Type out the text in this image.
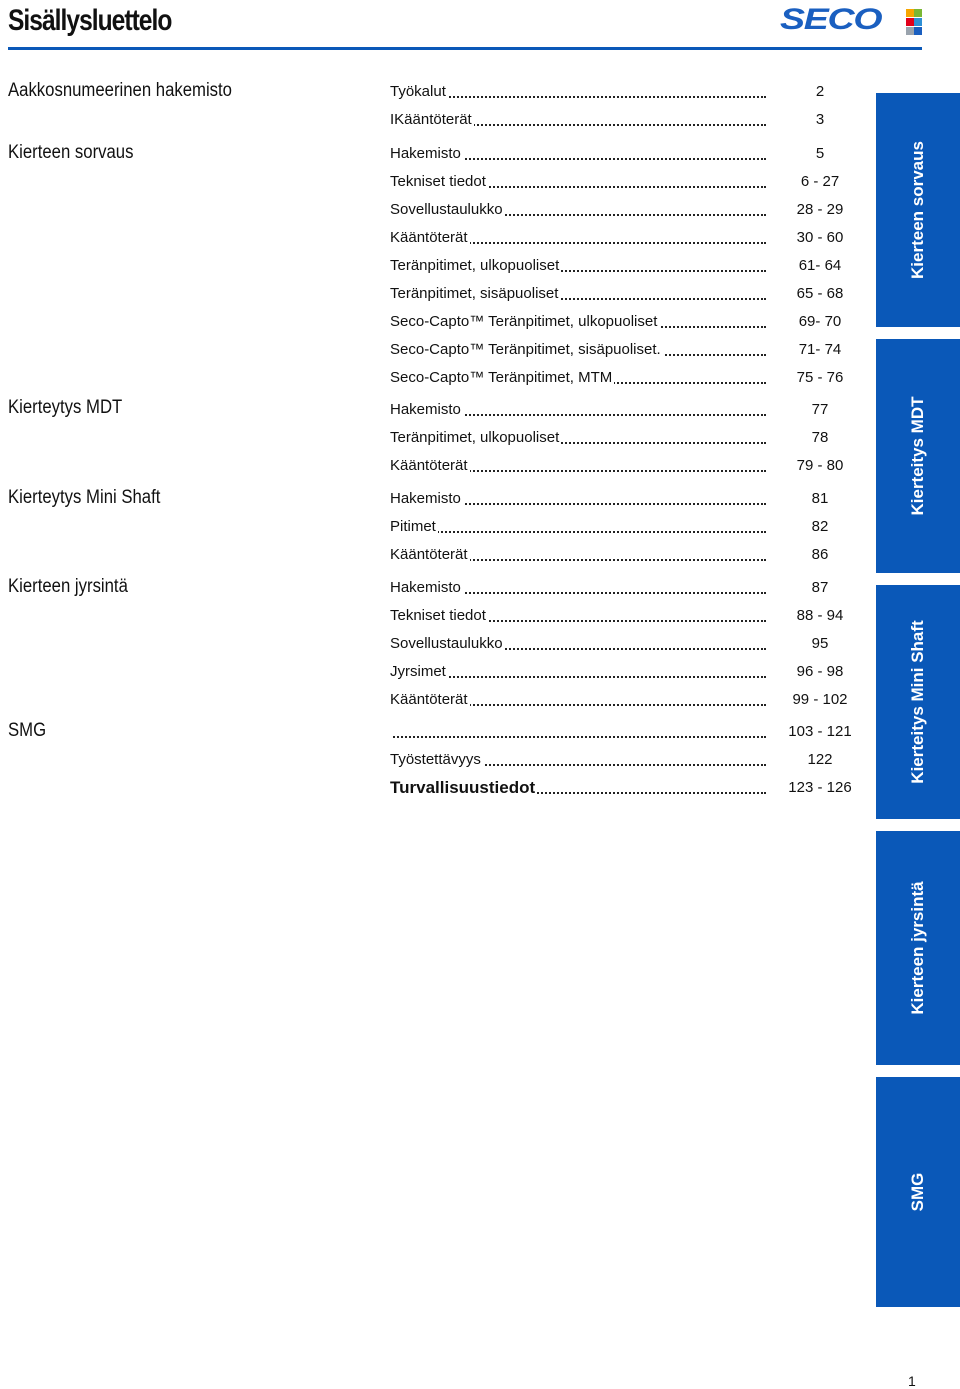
Sisällysluettelo	SECO
Aakkosnumeerinen hakemisto
Kierteen sorvaus
Kierteytys MDT
Kierteytys Mini Shaft
Kierteen jyrsintä
SMG
Työkalut	2
IKääntöterät	3
Hakemisto	5
Tekniset tiedot	6 - 27
Sovellustaulukko	28 - 29
Kääntöterät	30 - 60
Teränpitimet, ulkopuoliset	61- 64
Teränpitimet, sisäpuoliset	65 - 68
Seco-Capto™ Teränpitimet, ulkopuoliset	69- 70
Seco-Capto™ Teränpitimet, sisäpuoliset.	71- 74
Seco-Capto™ Teränpitimet, MTM	75 - 76
Hakemisto	77
Teränpitimet, ulkopuoliset	78
Kääntöterät	79 - 80
Hakemisto	81
Pitimet	82
Kääntöterät	86
Hakemisto	87
Tekniset tiedot	88 - 94
Sovellustaulukko	95
Jyrsimet	96 - 98
Kääntöterät	99 - 102
103 - 121
Työstettävyys	122
Turvallisuustiedot	123 - 126
Kierteen sorvaus
Kierteitys MDT
Kierteitys Mini Shaft
Kierteen jyrsintä
SMG
1
